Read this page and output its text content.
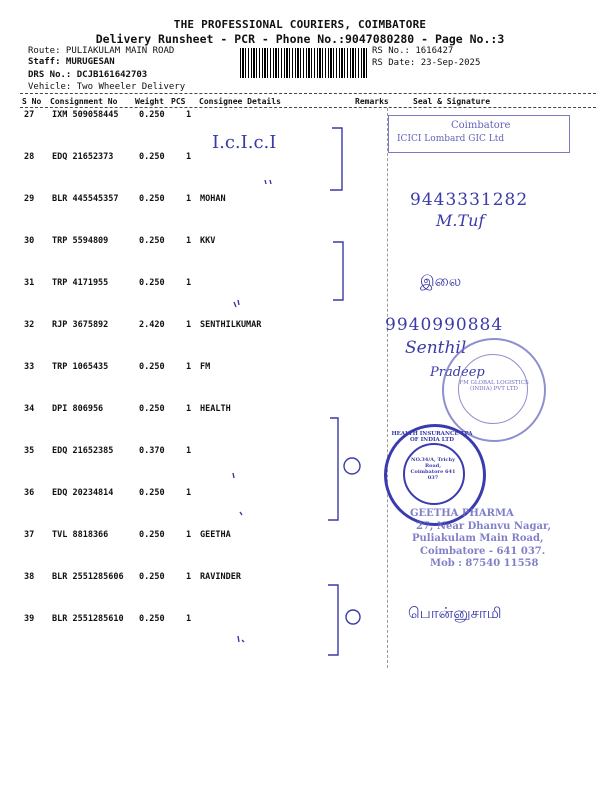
THE PROFESSIONAL COURIERS, COIMBATORE
Delivery Runsheet - PCR - Phone No.:9047080280 - Page No.:3
Route: PULIAKULAM MAIN ROAD
Staff: MURUGESAN
DRS No.: DCJB161642703
Vehicle: Two Wheeler Delivery
RS No.: 1616427
RS Date: 23-Sep-2025
S No Consignment No Weight PCS Consignee Details	Remarks	Seal & Signature
27 IXM 509058445 0.250	1
28 EDQ 21652373	0.250	1
29 BLR 445545357 0.250	1 MOHAN
30 TRP 5594809	0.250	1 KKV
31 TRP 4171955	0.250	1
32 RJP 3675892	2.420	1 SENTHILKUMAR
33 TRP 1065435	0.250	1 FM
34 DPI 806956	0.250	1 HEALTH
35 EDQ 21652385	0.370	1
36 EDQ 20234814	0.250	1
37 TVL 8818366	0.250	1 GEETHA
38 BLR 2551285606 0.250	1 RAVINDER
39 BLR 2551285610 0.250	1
I.c.I.c.I
9443331282
M.Tuf
இலை
9940990884
Senthil
Pradeep
பொன்னுசாமி
Coimbatore
ICICI Lombard GIC Ltd
FM GLOBAL LOGISTICS (INDIA) PVT LTD
HEALTH INSURANCE TPA OF INDIA LTD
NO.34/A, Trichy Road, Coimbatore 641 037
GEETHA PHARMA
27, Near Dhanvu Nagar,
Puliakulam Main Road,
Coimbatore - 641 037.
Mob : 87540 11558
